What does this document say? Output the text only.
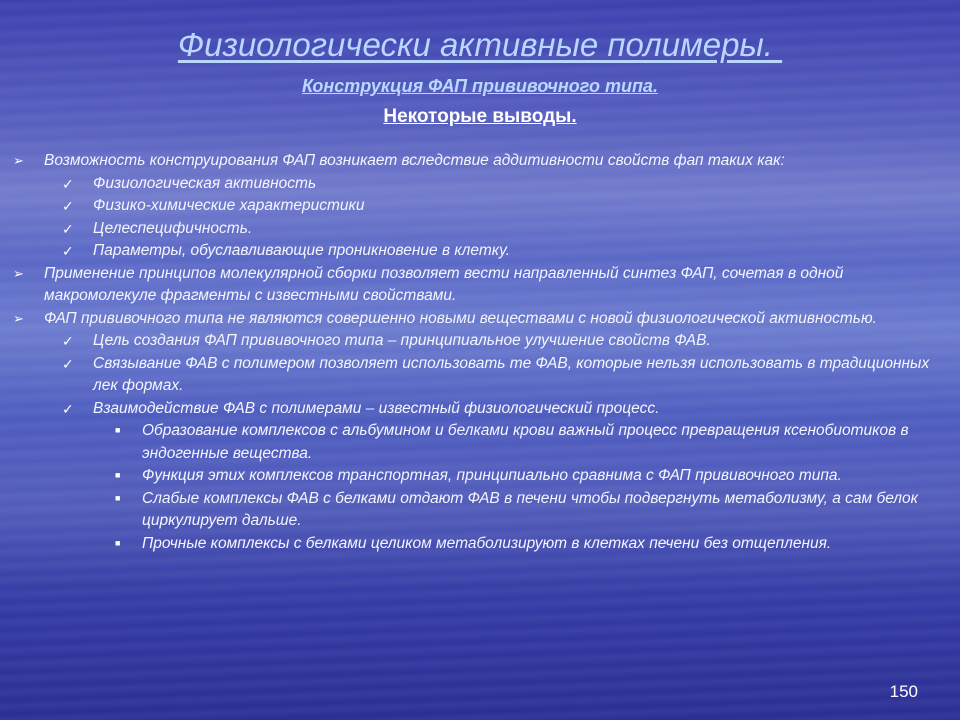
Физиологически активные полимеры.
Конструкция ФАП прививочного типа.
Некоторые выводы.
➢ Возможность конструирования ФАП возникает вследствие аддитивности свойств фап таких как:
✓ Физиологическая активность
✓ Физико-химические характеристики
✓ Целеспецифичность.
✓ Параметры, обуславливающие проникновение в клетку.
➢ Применение принципов молекулярной сборки позволяет вести направленный синтез ФАП, сочетая в одной макромолекуле фрагменты с известными свойствами.
➢ ФАП прививочного типа не являются совершенно новыми веществами с новой физиологической активностью.
✓ Цель создания ФАП прививочного типа – принципиальное улучшение свойств ФАВ.
✓ Связывание ФАВ с полимером позволяет использовать те ФАВ, которые нельзя использовать в традиционных лек формах.
✓ Взаимодействие ФАВ с полимерами – известный физиологический процесс.
■ Образование комплексов с альбумином и белками крови важный процесс превращения ксенобиотиков в эндогенные вещества.
■ Функция этих комплексов транспортная, принципиально сравнима с ФАП прививочного типа.
■ Слабые комплексы ФАВ с белками отдают ФАВ в печени чтобы подвергнуть метаболизму, а сам белок циркулирует дальше.
■ Прочные комплексы с белками целиком метаболизируют в клетках печени без отщепления.
150
